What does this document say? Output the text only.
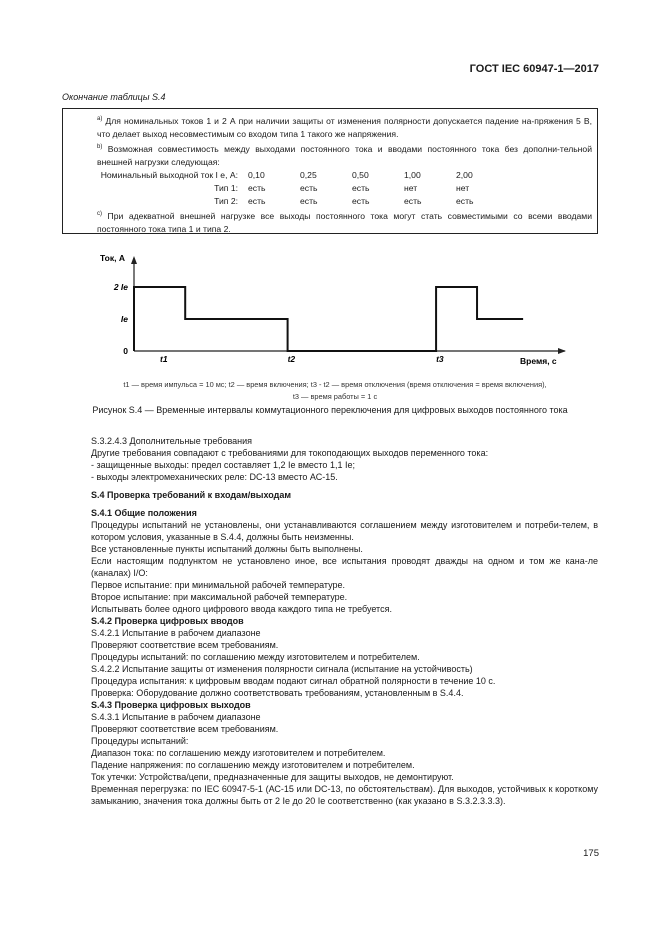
ГОСТ IEC 60947-1—2017
Окончание таблицы S.4

$^{a)}$ Для номинальных токов 1 и 2 А при наличии защиты от изменения полярности допускается падение на-пряжения 5 В, что делает выход несовместимым со входом типа 1 такого же напряжения.

$^{b)}$ Возможная совместимость между выходами постоянного тока и вводами постоянного тока без дополни-тельной внешней нагрузки следующая:

Номинальный выходной ток I e, А:	0,10	0,25	0,50	1,00	2,00
Тип 1:	есть	есть	есть	нет	нет
Тип 2:	есть	есть	есть	есть	есть

$^{c)}$ При адекватной внешней нагрузке все выходы постоянного тока могут стать совместимыми со всеми вводами постоянного тока типа 1 и типа 2.

Ток, А
Время, с
2 Ie
Ie
0
t1	t2	t3
t1 — время импульса = 10 мс; t2 — время включения; t3 - t2 — время отключения (время отключения = время включения),
t3 — время работы = 1 с
Рисунок S.4 — Временные интервалы коммутационного переключения для цифровых выходов постоянного тока

S.3.2.4.3 Дополнительные требования

Другие требования совпадают с требованиями для токоподающих выходов переменного тока:

- защищенные выходы: предел составляет 1,2 Ie вместо 1,1 Ie;

- выходы электромеханических реле: DC-13 вместо АС-15.

S.4 Проверка требований к входам/выходам

S.4.1 Общие положения

Процедуры испытаний не установлены, они устанавливаются соглашением между изготовителем и потреби-телем, в котором условия, указанные в S.4.4, должны быть неизменны.

Все установленные пункты испытаний должны быть выполнены.

Если настоящим подпунктом не установлено иное, все испытания проводят дважды на одном и том же кана-ле (каналах) I/O:

Первое испытание: при минимальной рабочей температуре.

Второе испытание: при максимальной рабочей температуре.

Испытывать более одного цифрового ввода каждого типа не требуется.

S.4.2 Проверка цифровых вводов

S.4.2.1 Испытание в рабочем диапазоне

Проверяют соответствие всем требованиям.

Процедуры испытаний: по соглашению между изготовителем и потребителем.

S.4.2.2 Испытание защиты от изменения полярности сигнала (испытание на устойчивость)

Процедура испытания: к цифровым вводам подают сигнал обратной полярности в течение 10 с.

Проверка: Оборудование должно соответствовать требованиям, установленным в S.4.4.

S.4.3 Проверка цифровых выходов

S.4.3.1 Испытание в рабочем диапазоне

Проверяют соответствие всем требованиям.

Процедуры испытаний:

Диапазон тока: по соглашению между изготовителем и потребителем.

Падение напряжения: по соглашению между изготовителем и потребителем.

Ток утечки: Устройства/цепи, предназначенные для защиты выходов, не демонтируют.

Временная перегрузка: по IEC 60947-5-1 (АС-15 или DC-13, по обстоятельствам). Для выходов, устойчивых к короткому замыканию, значения тока должны быть от 2 Ie до 20 Ie соответственно (как указано в S.3.2.3.3.3).

175
